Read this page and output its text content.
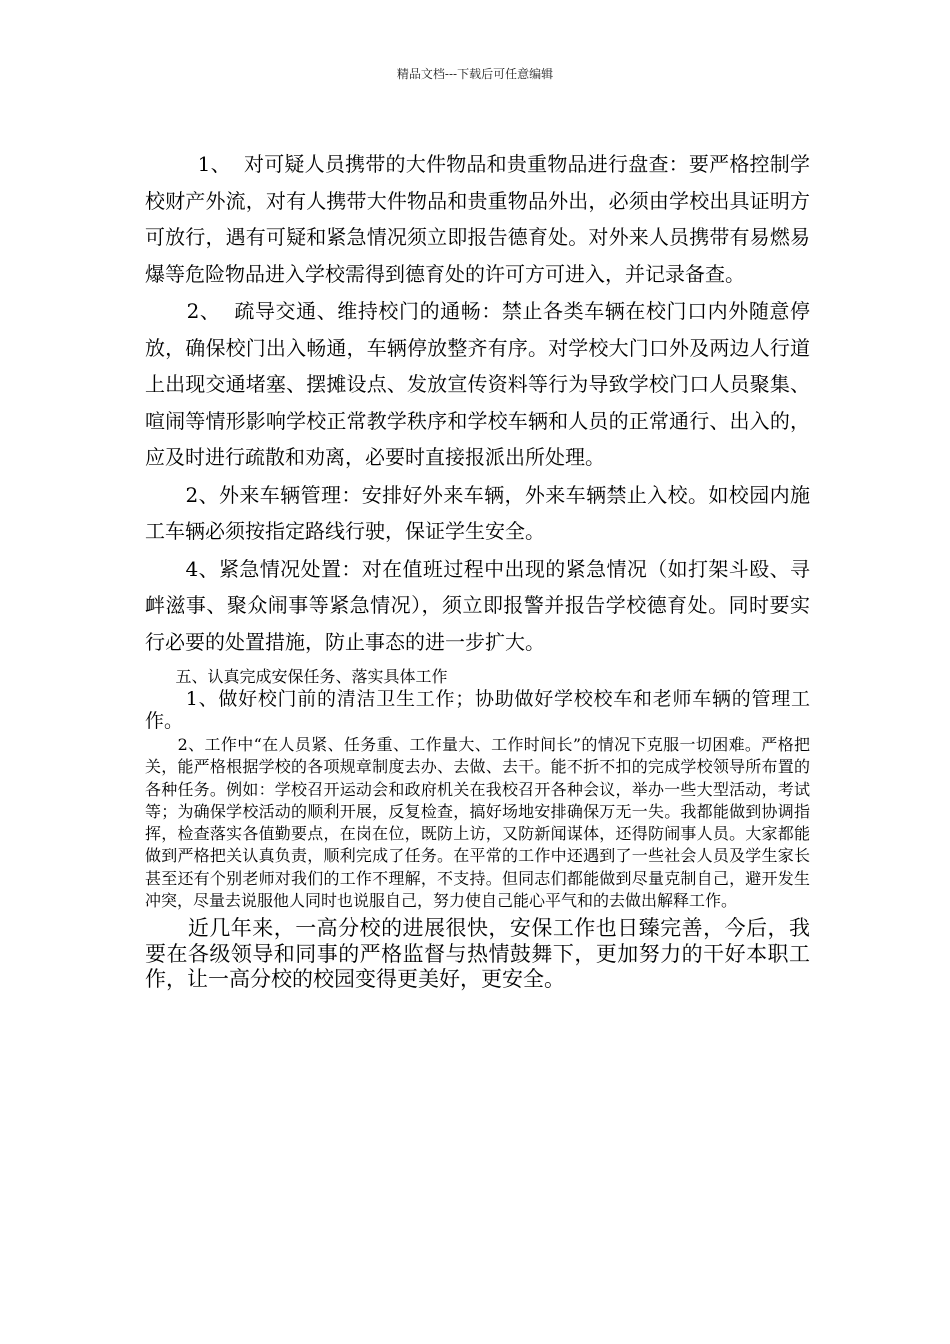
精品文档---下载后可任意编辑

1、  对可疑人员携带的大件物品和贵重物品进行盘查：要严格控制学校财产外流，对有人携带大件物品和贵重物品外出，必须由学校出具证明方可放行，遇有可疑和紧急情况须立即报告德育处。对外来人员携带有易燃易爆等危险物品进入学校需得到德育处的许可方可进入，并记录备查。

2、  疏导交通、维持校门的通畅：禁止各类车辆在校门口内外随意停放，确保校门出入畅通，车辆停放整齐有序。对学校大门口外及两边人行道上出现交通堵塞、摆摊设点、发放宣传资料等行为导致学校门口人员聚集、喧闹等情形影响学校正常教学秩序和学校车辆和人员的正常通行、出入的，应及时进行疏散和劝离，必要时直接报派出所处理。

2、外来车辆管理：安排好外来车辆，外来车辆禁止入校。如校园内施工车辆必须按指定路线行驶，保证学生安全。

4、紧急情况处置：对在值班过程中出现的紧急情况（如打架斗殴、寻衅滋事、聚众闹事等紧急情况），须立即报警并报告学校德育处。同时要实行必要的处置措施，防止事态的进一步扩大。

五、认真完成安保任务、落实具体工作

1、做好校门前的清洁卫生工作；协助做好学校校车和老师车辆的管理工作。

2、工作中“在人员紧、任务重、工作量大、工作时间长”的情况下克服一切困难。严格把关，能严格根据学校的各项规章制度去办、去做、去干。能不折不扣的完成学校领导所布置的各种任务。例如：学校召开运动会和政府机关在我校召开各种会议，举办一些大型活动，考试等；为确保学校活动的顺利开展，反复检查，搞好场地安排确保万无一失。我都能做到协调指挥，检查落实各值勤要点，在岗在位，既防上访，又防新闻谋体，还得防闹事人员。大家都能做到严格把关认真负责，顺利完成了任务。在平常的工作中还遇到了一些社会人员及学生家长甚至还有个别老师对我们的工作不理解，不支持。但同志们都能做到尽量克制自己，避开发生冲突，尽量去说服他人同时也说服自己，努力使自己能心平气和的去做出解释工作。

近几年来，一高分校的进展很快，安保工作也日臻完善，今后，我要在各级领导和同事的严格监督与热情鼓舞下，更加努力的干好本职工作，让一高分校的校园变得更美好，更安全。
